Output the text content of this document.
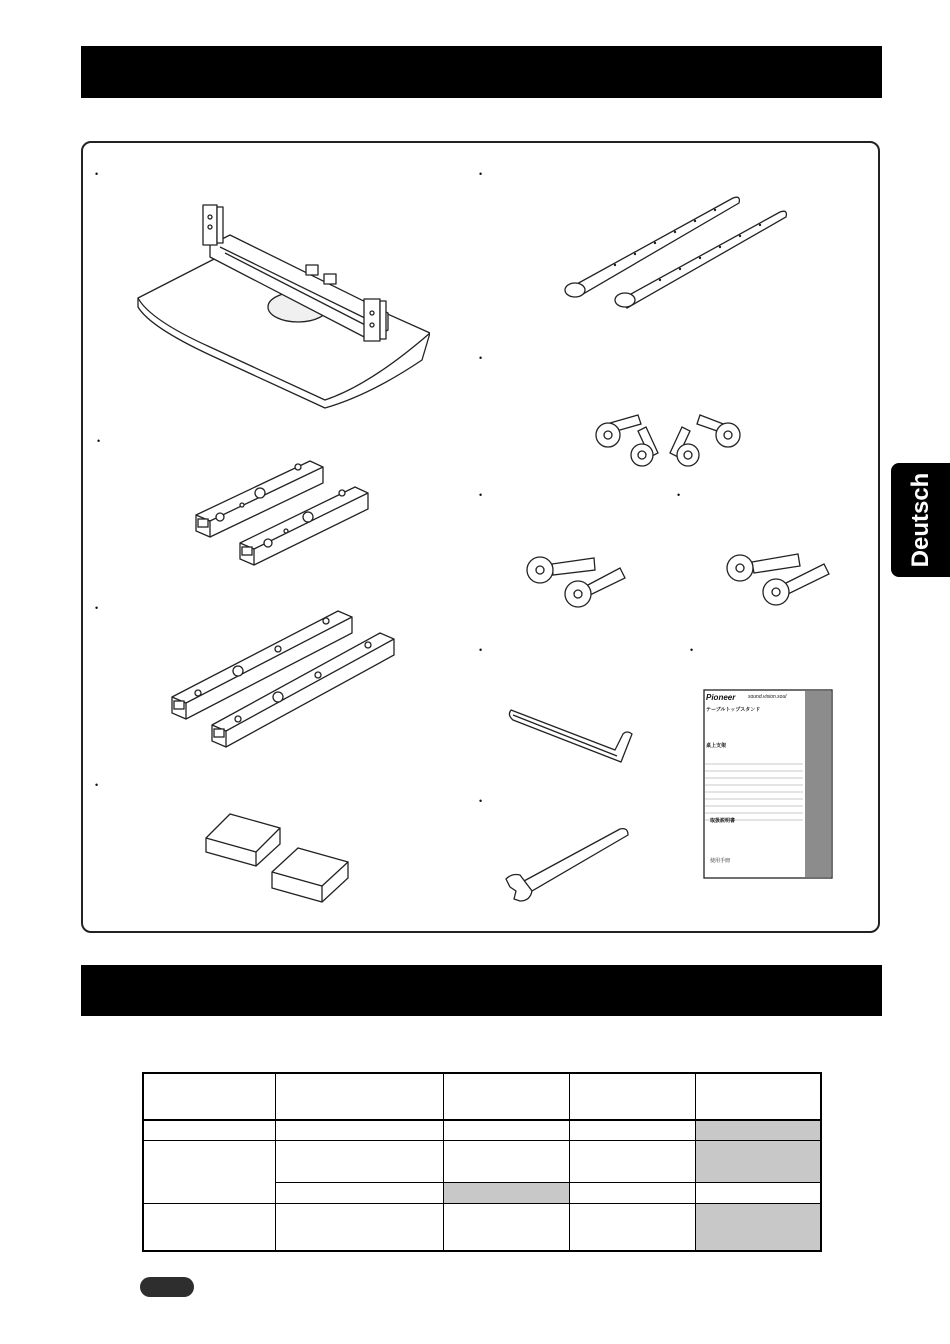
•	•
•
•
•	•
•
•	•
•
•
Pioneer	sound.vision.soul
テーブルトップスタンド
桌上支架
取扱説明書
使用手冊
Deutsch
